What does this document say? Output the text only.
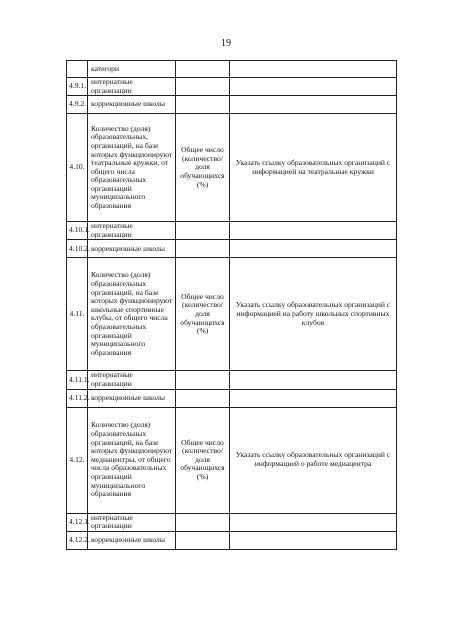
19
	категори		
4.9.1.	интернатные организации		
4.9.2.	коррекционные школы		
4.10.	Количество (доля) образовательных, организаций, на базе которых функционируют театральные кружки, от общего числа образовательных организаций муниципального образования	Общее число (количество/ доля обучающихся (%)	Указать ссылку образовательных организаций с информацией на театральные кружки
4.10.1.	интернатные организации		
4.10.2.	коррекционные школы		
4.11.	Количество (доля) образовательных организаций, на базе которых функционируют школьные спортивные клубы, от общего числа образовательных организаций муниципального образования	Общее число (количество/ доля обучающихся (%)	Указать ссылку образовательных организаций с информацией на работу школьных спортивных клубов
4.11.1.	интернатные организации		
4.11.2.	коррекционные школы		
4.12.	Количество (доля) образовательных организаций, на базе которых функционируют медиацентры, от общего числа образовательных организаций муниципального образования	Общее число (количество/ доля обучающихся (%)	Указать ссылку образовательных организаций с информацией о работе медиацентра
4.12.1.	интернатные организации		
4.12.2.	коррекционные школы		
